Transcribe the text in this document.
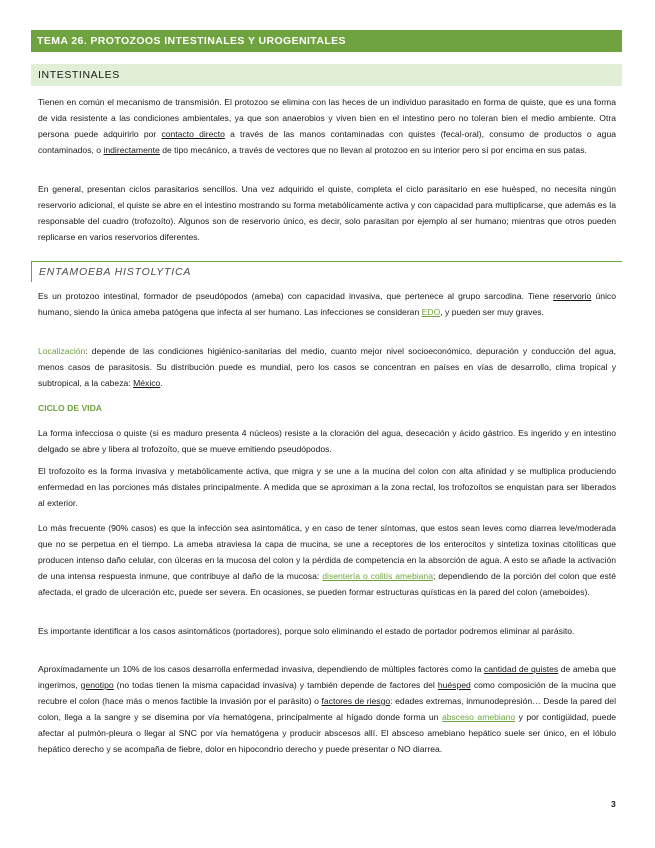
TEMA 26. PROTOZOOS INTESTINALES Y UROGENITALES
INTESTINALES

Tienen en común el mecanismo de transmisión. El protozoo se elimina con las heces de un individuo parasitado en forma de quiste, que es una forma de vida resistente a las condiciones ambientales, ya que son anaerobios y viven bien en el intestino pero no toleran bien el medio ambiente. Otra persona puede adquirirlo por contacto directo a través de las manos contaminadas con quistes (fecal-oral), consumo de productos o agua contaminados, o indirectamente de tipo mecánico, a través de vectores que no llevan al protozoo en su interior pero sí por encima en sus patas.

En general, presentan ciclos parasitarios sencillos. Una vez adquirido el quiste, completa el ciclo parasitario en ese huésped, no necesita ningún reservorio adicional, el quiste se abre en el intestino mostrando su forma metabólicamente activa y con capacidad para multiplicarse, que además es la responsable del cuadro (trofozoíto). Algunos son de reservorio único, es decir, solo parasitan por ejemplo al ser humano; mientras que otros pueden replicarse en varios reservorios diferentes.

ENTAMOEBA HISTOLYTICA

Es un protozoo intestinal, formador de pseudópodos (ameba) con capacidad invasiva, que pertenece al grupo sarcodina. Tiene reservorio único humano, siendo la única ameba patógena que infecta al ser humano. Las infecciones se consideran EDO, y pueden ser muy graves.

Localización: depende de las condiciones higiénico-sanitarias del medio, cuanto mejor nivel socioeconómico, depuración y conducción del agua, menos casos de parasitosis. Su distribución puede es mundial, pero los casos se concentran en países en vías de desarrollo, clima tropical y subtropical, a la cabeza: México.

CICLO DE VIDA

La forma infecciosa o quiste (si es maduro presenta 4 núcleos) resiste a la cloración del agua, desecación y ácido gástrico. Es ingerido y en intestino delgado se abre y libera al trofozoíto, que se mueve emitiendo pseudópodos.

El trofozoíto es la forma invasiva y metabólicamente activa, que migra y se une a la mucina del colon con alta afinidad y se multiplica produciendo enfermedad en las porciones más distales principalmente. A medida que se aproximan a la zona rectal, los trofozoítos se enquistan para ser liberados al exterior.

Lo más frecuente (90% casos) es que la infección sea asintomática, y en caso de tener síntomas, que estos sean leves como diarrea leve/moderada que no se perpetua en el tiempo. La ameba atraviesa la capa de mucina, se une a receptores de los enterocitos y sintetiza toxinas citolíticas que producen intenso daño celular, con úlceras en la mucosa del colon y la pérdida de competencia en la absorción de agua. A esto se añade la activación de una intensa respuesta inmune, que contribuye al daño de la mucosa: disentería o colitis amebiana; dependiendo de la porción del colon que esté afectada, el grado de ulceración etc, puede ser severa. En ocasiones, se pueden formar estructuras quísticas en la pared del colon (ameboides).

Es importante identificar a los casos asintomáticos (portadores), porque solo eliminando el estado de portador podremos eliminar al parásito.

Aproximadamente un 10% de los casos desarrolla enfermedad invasiva, dependiendo de múltiples factores como la cantidad de quistes de ameba que ingerimos, genotipo (no todas tienen la misma capacidad invasiva) y también depende de factores del huésped como composición de la mucina que recubre el colon (hace más o menos factible la invasión por el parásito) o factores de riesgo: edades extremas, inmunodepresión… Desde la pared del colon, llega a la sangre y se disemina por vía hematógena, principalmente al hígado donde forma un absceso amebiano y por contigüidad, puede afectar al pulmón-pleura o llegar al SNC por vía hematógena y producir abscesos allí. El absceso amebiano hepático suele ser único, en el lóbulo hepático derecho y se acompaña de fiebre, dolor en hipocondrio derecho y puede presentar o NO diarrea.

3
